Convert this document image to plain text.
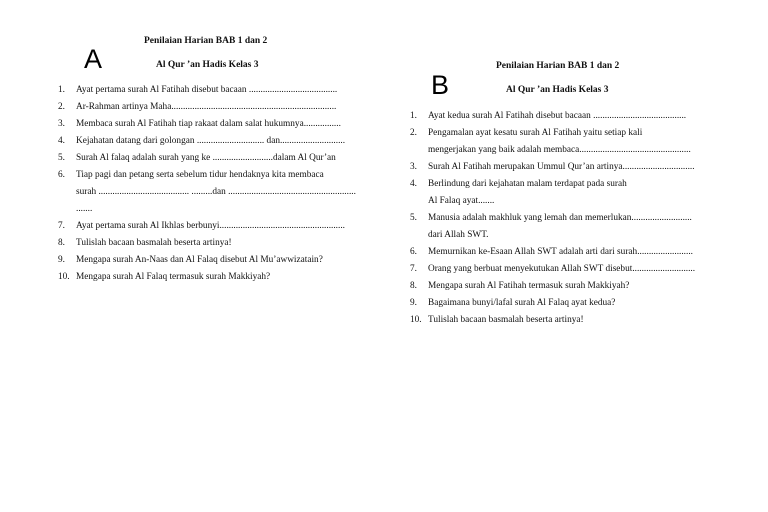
A
Penilaian Harian BAB 1 dan 2
Al Qur ’an Hadis Kelas 3
1. Ayat pertama surah Al Fatihah disebut bacaan ......................................
2. Ar-Rahman artinya Maha.......................................................................
3. Membaca surah Al Fatihah tiap rakaat dalam salat hukumnya................
4. Kejahatan datang dari golongan ............................. dan............................
5. Surah Al falaq adalah surah yang ke ..........................dalam Al Qur’an
6. Tiap pagi dan petang serta sebelum tidur hendaknya kita membaca
surah ....................................... .........dan .......................................................
.......
7. Ayat pertama surah Al Ikhlas berbunyi......................................................
8. Tulislah bacaan basmalah beserta artinya!
9. Mengapa surah An-Naas dan Al Falaq disebut Al Mu’awwizatain?
10. Mengapa surah Al Falaq termasuk surah Makkiyah?
B
Penilaian Harian BAB 1 dan 2
Al Qur ’an Hadis Kelas 3
1. Ayat kedua surah Al Fatihah disebut bacaan ........................................
2. Pengamalan ayat kesatu surah Al Fatihah yaitu setiap kali
mengerjakan yang baik adalah membaca................................................
3. Surah Al Fatihah merupakan Ummul Qur’an artinya...............................
4. Berlindung dari kejahatan malam terdapat pada surah
Al Falaq ayat.......
5. Manusia adalah makhluk yang lemah dan memerlukan..........................
dari Allah SWT.
6. Memurnikan ke-Esaan Allah SWT adalah arti dari surah........................
7. Orang yang berbuat menyekutukan Allah SWT disebut...........................
8. Mengapa surah Al Fatihah termasuk surah Makkiyah?
9. Bagaimana bunyi/lafal surah Al Falaq ayat kedua?
10. Tulislah bacaan basmalah beserta artinya!
